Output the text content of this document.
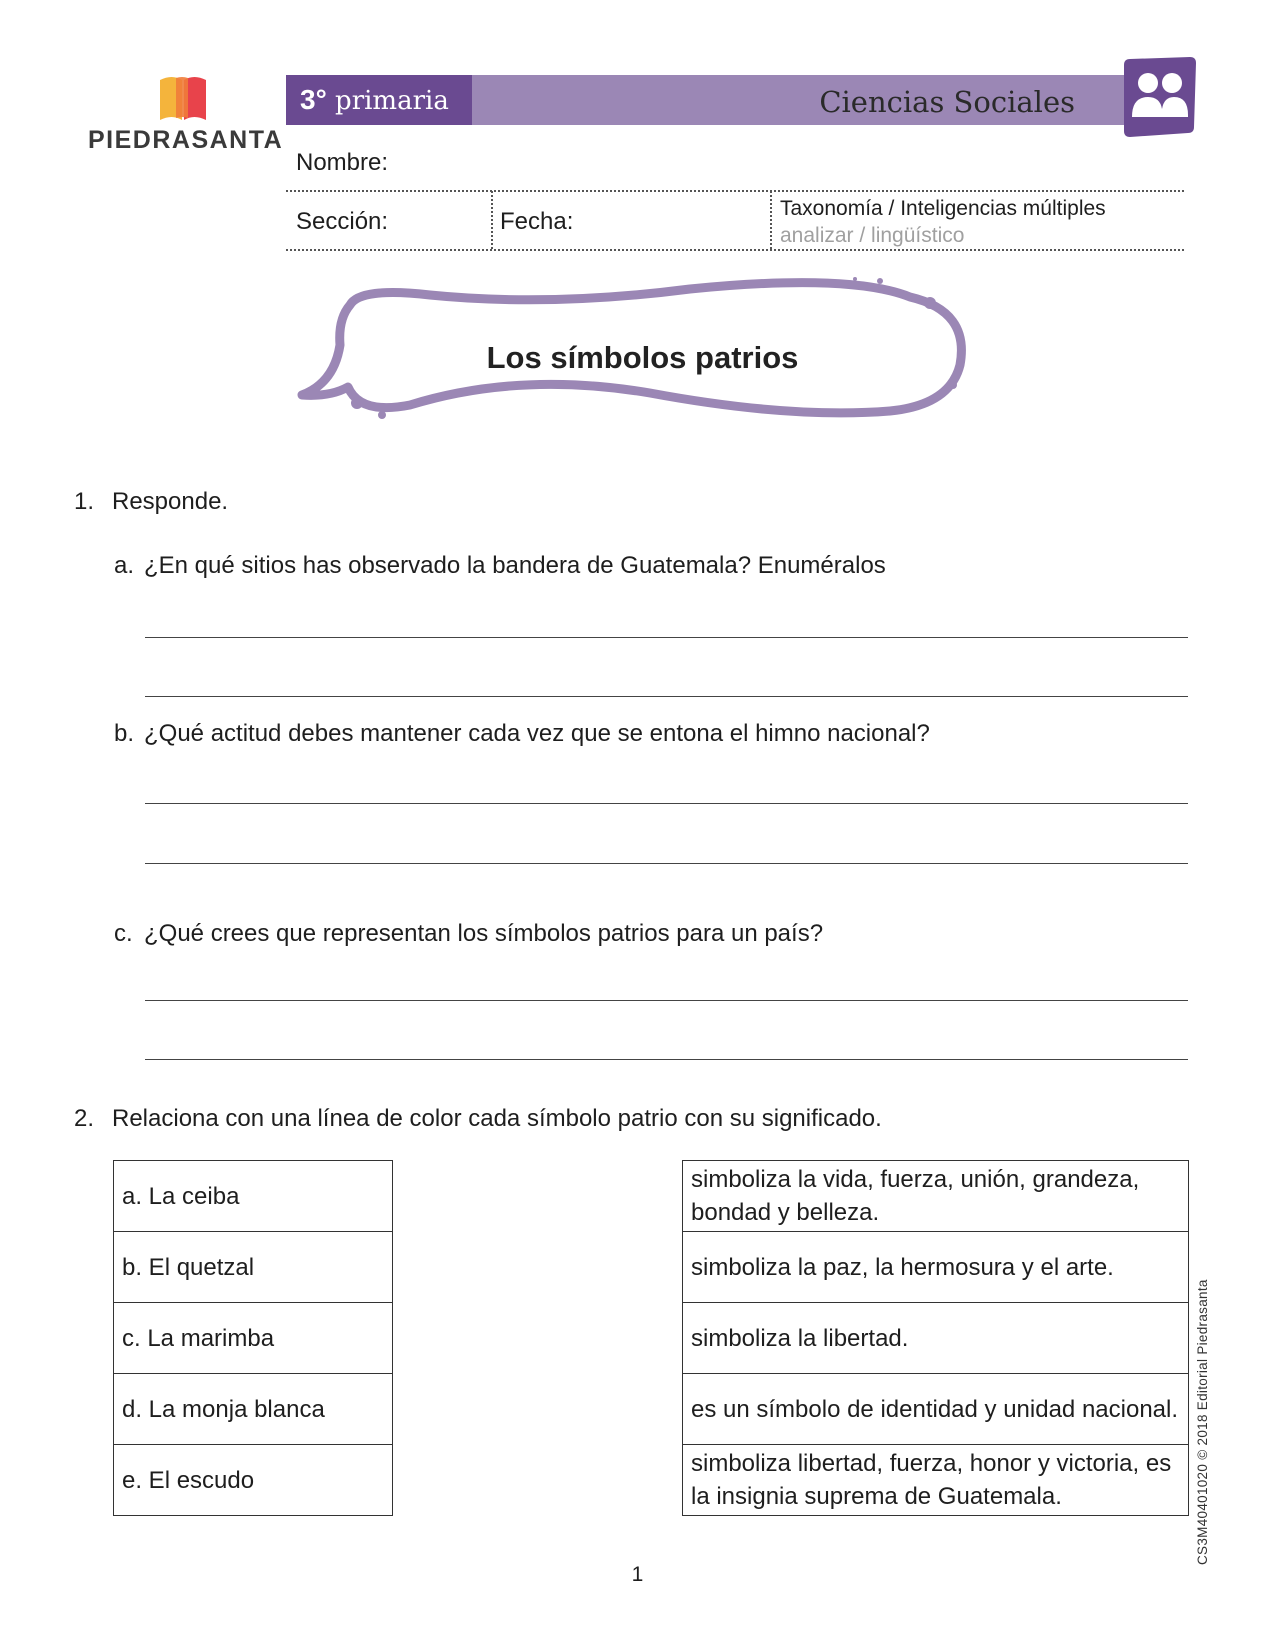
PIEDRASANTA
3° primaria	Ciencias Sociales
Nombre:
Sección:	Fecha:	Taxonomía / Inteligencias múltiples
analizar / lingüístico
Los símbolos patrios
1. Responde.
a. ¿En qué sitios has observado la bandera de Guatemala? Enuméralos
b. ¿Qué actitud debes mantener cada vez que se entona el himno nacional?
c. ¿Qué crees que representan los símbolos patrios para un país?
2. Relaciona con una línea de color cada símbolo patrio con su significado.
a. La ceiba
b. El quetzal
c. La marimba
d. La monja blanca
e. El escudo
simboliza la vida, fuerza, unión, grandeza, bondad y belleza.
simboliza la paz, la hermosura y el arte.
simboliza la libertad.
es un símbolo de identidad y unidad nacional.
simboliza libertad, fuerza, honor y victoria, es la insignia suprema de Guatemala.	CS3M40401020 © 2018 Editorial Piedrasanta
1
